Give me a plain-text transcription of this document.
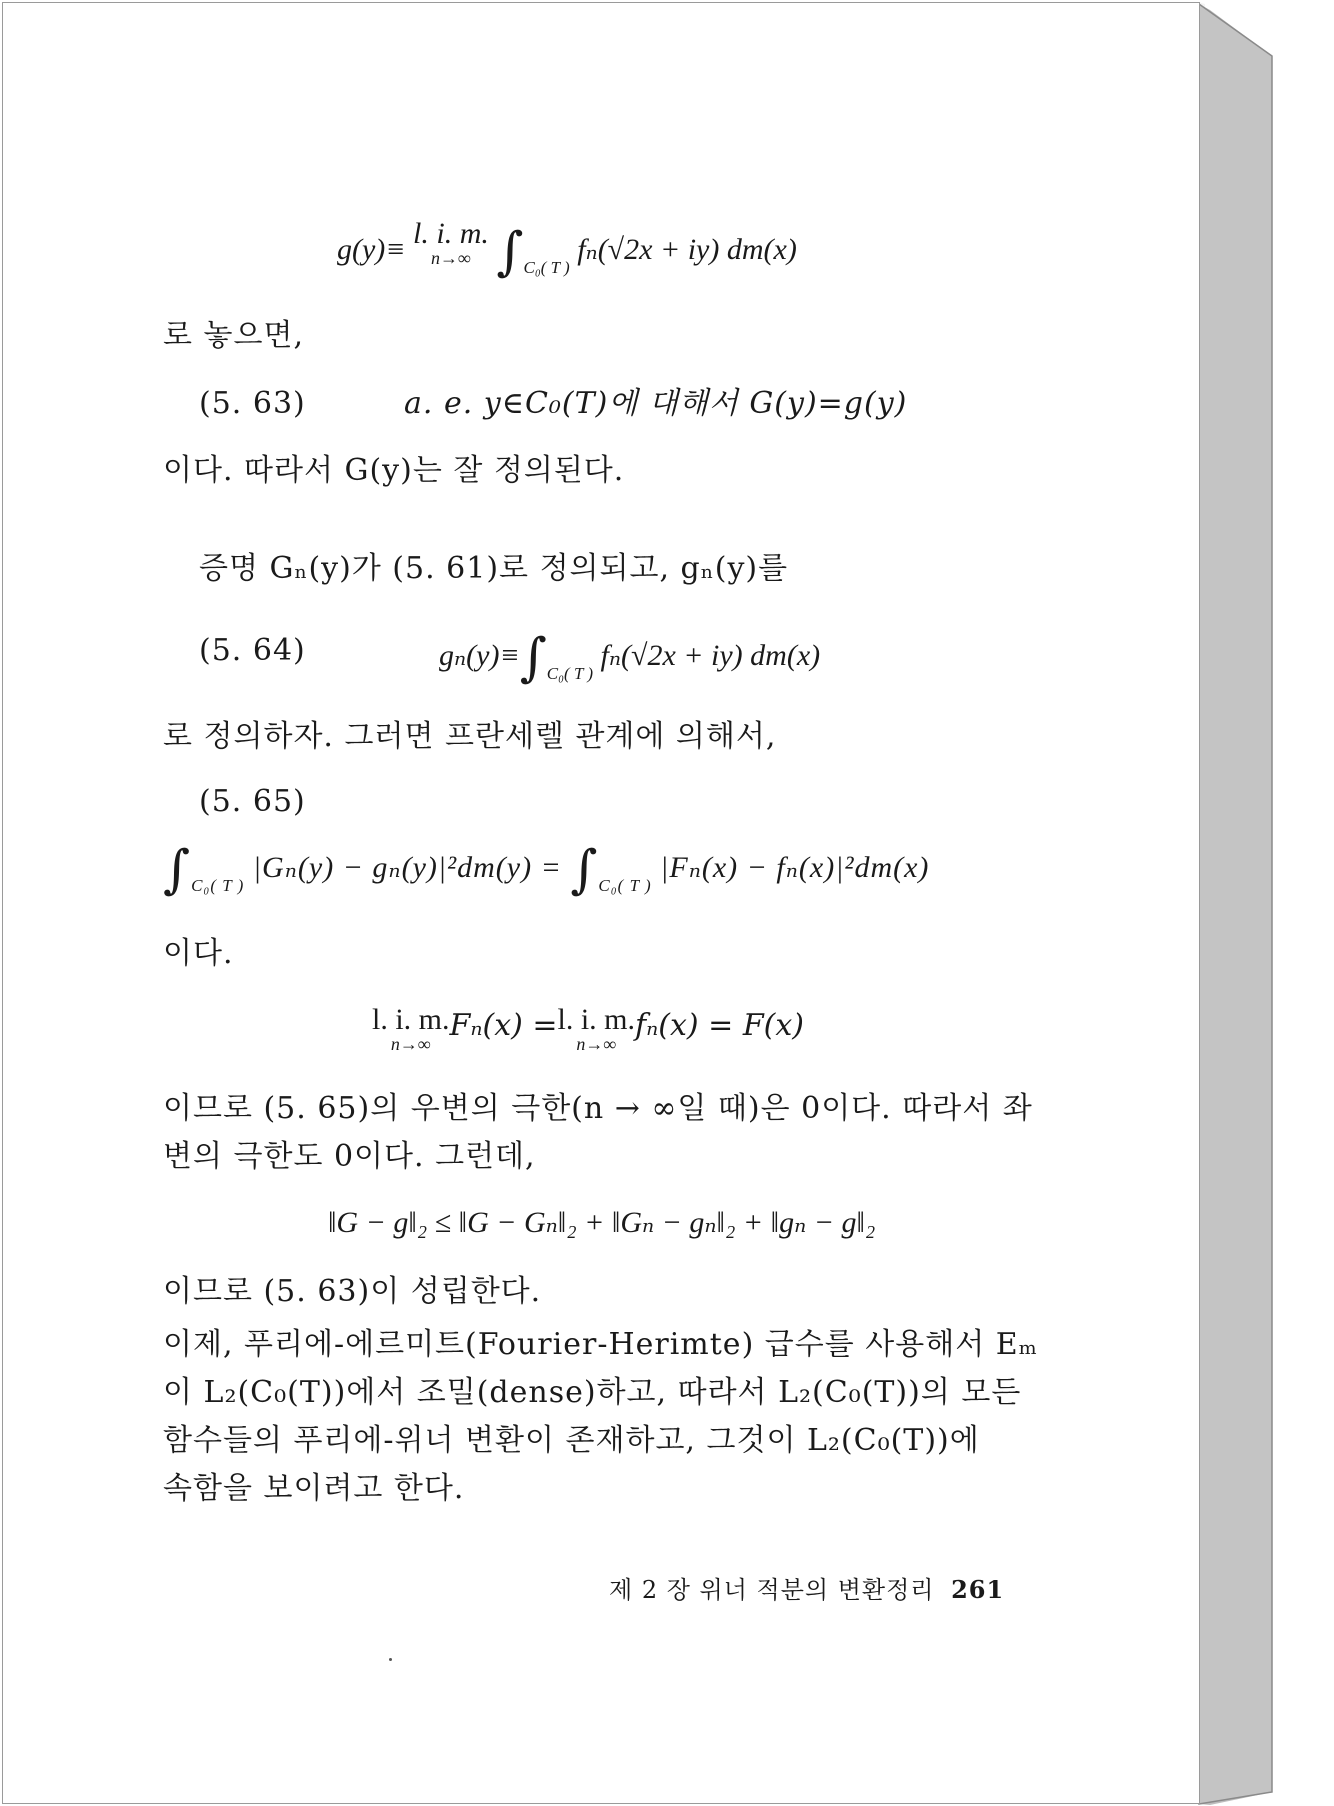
g(y)≡ l. i. m.
n→∞ $\int_{C_0( T )}$ fₙ(√2x + iy) dm(x)
로 놓으면,
(5. 63)	a. e. y∈C₀(T)에 대해서 G(y)=g(y)
이다. 따라서 G(y)는 잘 정의된다.
증명 Gₙ(y)가 (5. 61)로 정의되고, gₙ(y)를
(5. 64)	$g_n(y)\equiv\int_{C_0( T )}$ fₙ(√2x + iy) dm(x)
로 정의하자. 그러면 프란세렐 관계에 의해서,
(5. 65)
$\int_{C_0( T )}$ $|G_n(y) - g_n(y)|^2dm(y) = \int_{C_0( T )}$ |Fₙ(x) − fₙ(x)|²dm(x)
이다.
l. i. m.
n→∞
Fₙ(x) =l. i. m.
n→∞
fₙ(x) = F(x)
이므로 (5. 65)의 우변의 극한(n → ∞일 때)은 0이다. 따라서 좌
변의 극한도 0이다. 그런데,
‖G − g‖₂ ≤ ‖G − Gₙ‖₂ + ‖Gₙ − gₙ‖₂ + ‖gₙ − g‖₂
이므로 (5. 63)이 성립한다.
이제, 푸리에-에르미트(Fourier-Herimte) 급수를 사용해서 Eₘ
이 L₂(C₀(T))에서 조밀(dense)하고, 따라서 L₂(C₀(T))의 모든
함수들의 푸리에-위너 변환이 존재하고, 그것이 L₂(C₀(T))에
속함을 보이려고 한다.
제 2 장 위너 적분의 변환정리 261
